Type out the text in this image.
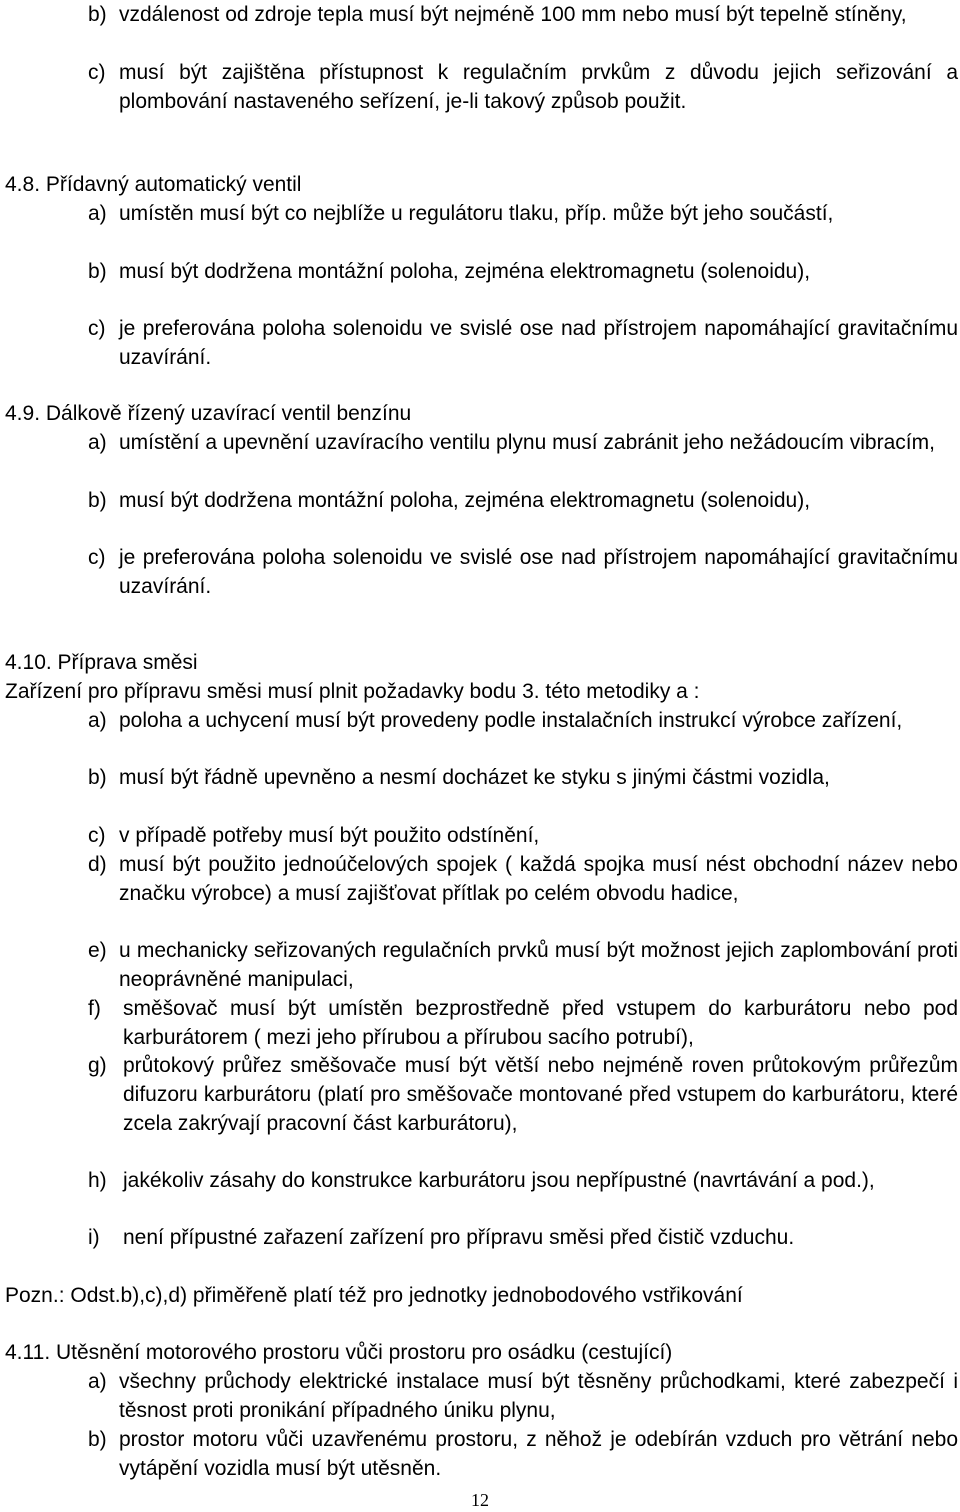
b) vzdálenost od zdroje tepla musí být nejméně 100 mm nebo musí být tepelně stíněny,
c) musí být zajištěna přístupnost k regulačním prvkům z důvodu jejich seřizování a plombování nastaveného seřízení, je-li takový způsob použit.
4.8. Přídavný automatický ventil
a) umístěn musí být co nejblíže u regulátoru tlaku, příp. může být jeho součástí,
b) musí být dodržena montážní poloha, zejména elektromagnetu (solenoidu),
c) je preferována poloha solenoidu ve svislé ose nad přístrojem napomáhající gravitačnímu uzavírání.
4.9. Dálkově řízený uzavírací ventil benzínu
a) umístění a upevnění uzavíracího ventilu plynu musí zabránit jeho nežádoucím vibracím,
b) musí být dodržena montážní poloha, zejména elektromagnetu (solenoidu),
c) je preferována poloha solenoidu ve svislé ose nad přístrojem napomáhající gravitačnímu uzavírání.
4.10. Příprava směsi
Zařízení pro přípravu směsi musí plnit požadavky bodu 3. této metodiky a :
a) poloha a uchycení musí být provedeny podle instalačních instrukcí výrobce zařízení,
b) musí být řádně upevněno a nesmí docházet ke styku s jinými částmi vozidla,
c) v případě potřeby musí být použito odstínění,
d) musí být použito jednoúčelových spojek ( každá spojka musí nést obchodní název nebo značku výrobce) a musí zajišťovat přítlak po celém obvodu hadice,
e) u mechanicky seřizovaných regulačních prvků musí být možnost jejich zaplombování proti neoprávněné manipulaci,
f) směšovač musí být umístěn bezprostředně před vstupem do karburátoru nebo pod karburátorem ( mezi jeho přírubou a přírubou sacího potrubí),
g) průtokový průřez směšovače musí být větší nebo nejméně roven průtokovým průřezům difuzoru karburátoru (platí pro směšovače montované před vstupem do karburátoru, které zcela zakrývají pracovní část karburátoru),
h) jakékoliv zásahy do konstrukce karburátoru jsou nepřípustné (navrtávání a pod.),
i) není přípustné zařazení zařízení pro přípravu směsi před čistič vzduchu.
Pozn.: Odst.b),c),d) přiměřeně platí též pro jednotky jednobodového vstřikování
4.11. Utěsnění motorového prostoru vůči prostoru pro osádku (cestující)
a) všechny průchody elektrické instalace musí být těsněny průchodkami, které zabezpečí i těsnost proti pronikání případného úniku plynu,
b) prostor motoru vůči uzavřenému prostoru, z něhož je odebírán vzduch pro větrání nebo vytápění vozidla musí být utěsněn.
12
